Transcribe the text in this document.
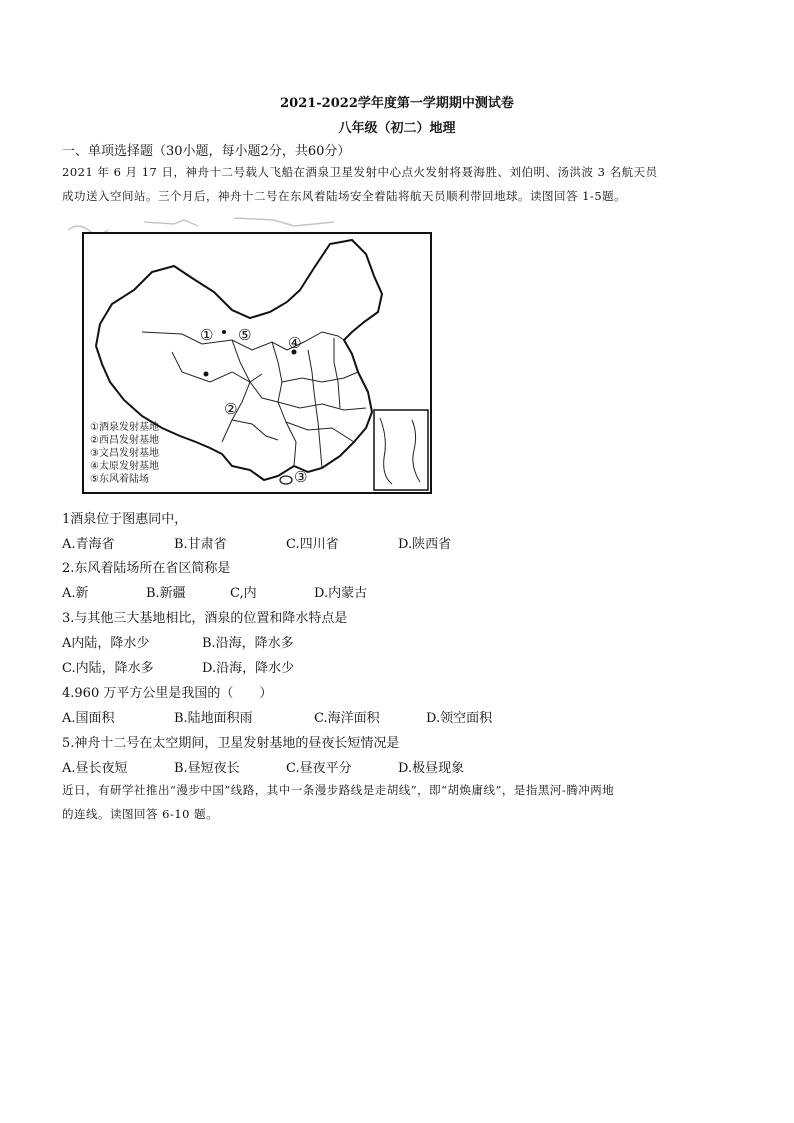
2021-2022学年度第一学期期中测试卷
八年级（初二）地理
一、单项选择题（30小题，每小题2分，共60分）
2021 年 6 月 17 日，神舟十二号载人飞船在酒泉卫星发射中心点火发射将聂海胜、刘伯明、汤洪波 3 名航天员
成功送入空间站。三个月后，神舟十二号在东风着陆场安全着陆将航天员顺利带回地球。读图回答 1-5题。
①酒泉发射基地
②西昌发射基地
③文昌发射基地
④太原发射基地
⑤东风着陆场
① ⑤ ④
②
③
1酒泉位于图惠同中，
A.青海省	B.甘肃省	C.四川省	D.陕西省
2.东风着陆场所在省区简称是
A.新	B.新疆	C,内	D.内蒙古
3.与其他三大基地相比，酒泉的位置和降水特点是
A内陆，降水少	B.沿海，降水多
C.内陆，降水多	D.沿海，降水少
4.960 万平方公里是我国的（　　）
A.国面积	B.陆地面积雨	C.海洋面积	D.领空面积
5.神舟十二号在太空期间，卫星发射基地的昼夜长短情况是
A.昼长夜短	B.昼短夜长	C.昼夜平分	D.极昼现象
近日，有研学社推出“漫步中国”线路，其中一条漫步路线是走胡线”，即“胡焕庸线”，是指黑河-腾冲两地
的连线。读图回答 6-10 题。
